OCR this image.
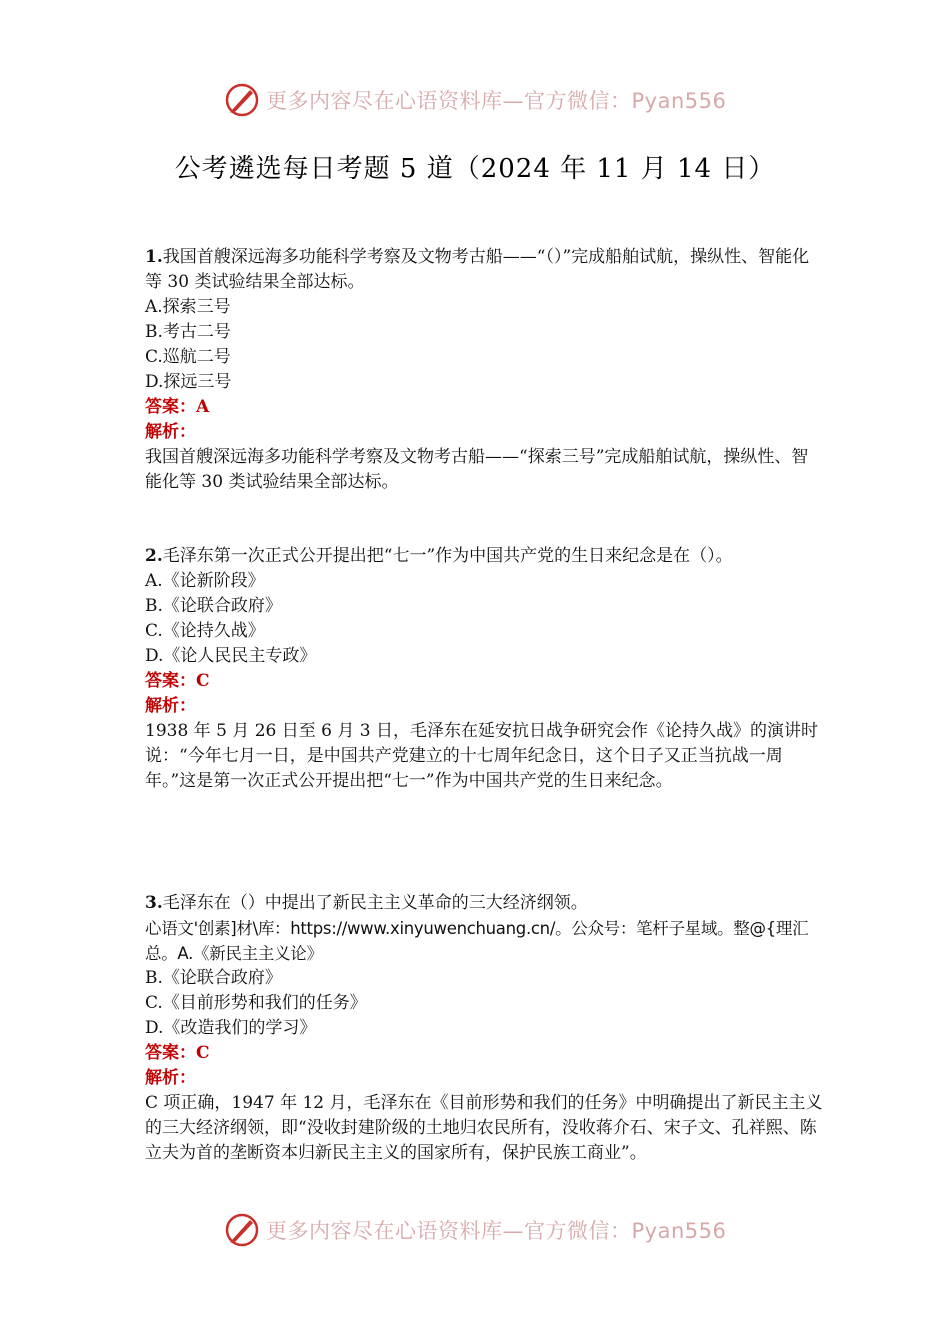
更多内容尽在心语资料库—官方微信：Pyan556
公考遴选每日考题 5 道（2024 年 11 月 14 日）
1.我国首艘深远海多功能科学考察及文物考古船——“（）”完成船舶试航，操纵性、智能化等 30 类试验结果全部达标。
A.探索三号
B.考古二号
C.巡航二号
D.探远三号
答案：A
解析：
我国首艘深远海多功能科学考察及文物考古船——“探索三号”完成船舶试航，操纵性、智能化等 30 类试验结果全部达标。
2.毛泽东第一次正式公开提出把“七一”作为中国共产党的生日来纪念是在（）。
A.《论新阶段》
B.《论联合政府》
C.《论持久战》
D.《论人民民主专政》
答案：C
解析：
1938 年 5 月 26 日至 6 月 3 日，毛泽东在延安抗日战争研究会作《论持久战》的演讲时说：“今年七月一日，是中国共产党建立的十七周年纪念日，这个日子又正当抗战一周年。”这是第一次正式公开提出把“七一”作为中国共产党的生日来纪念。
3.毛泽东在（）中提出了新民主主义革命的三大经济纲领。
心语文'创素]材\库：https://www.xinyuwenchuang.cn/。公众号：笔杆子星域。整@{理汇总。A.《新民主主义论》
B.《论联合政府》
C.《目前形势和我们的任务》
D.《改造我们的学习》
答案：C
解析：
C 项正确，1947 年 12 月，毛泽东在《目前形势和我们的任务》中明确提出了新民主主义的三大经济纲领，即“没收封建阶级的土地归农民所有，没收蒋介石、宋子文、孔祥熙、陈立夫为首的垄断资本归新民主主义的国家所有，保护民族工商业”。
更多内容尽在心语资料库—官方微信：Pyan556
